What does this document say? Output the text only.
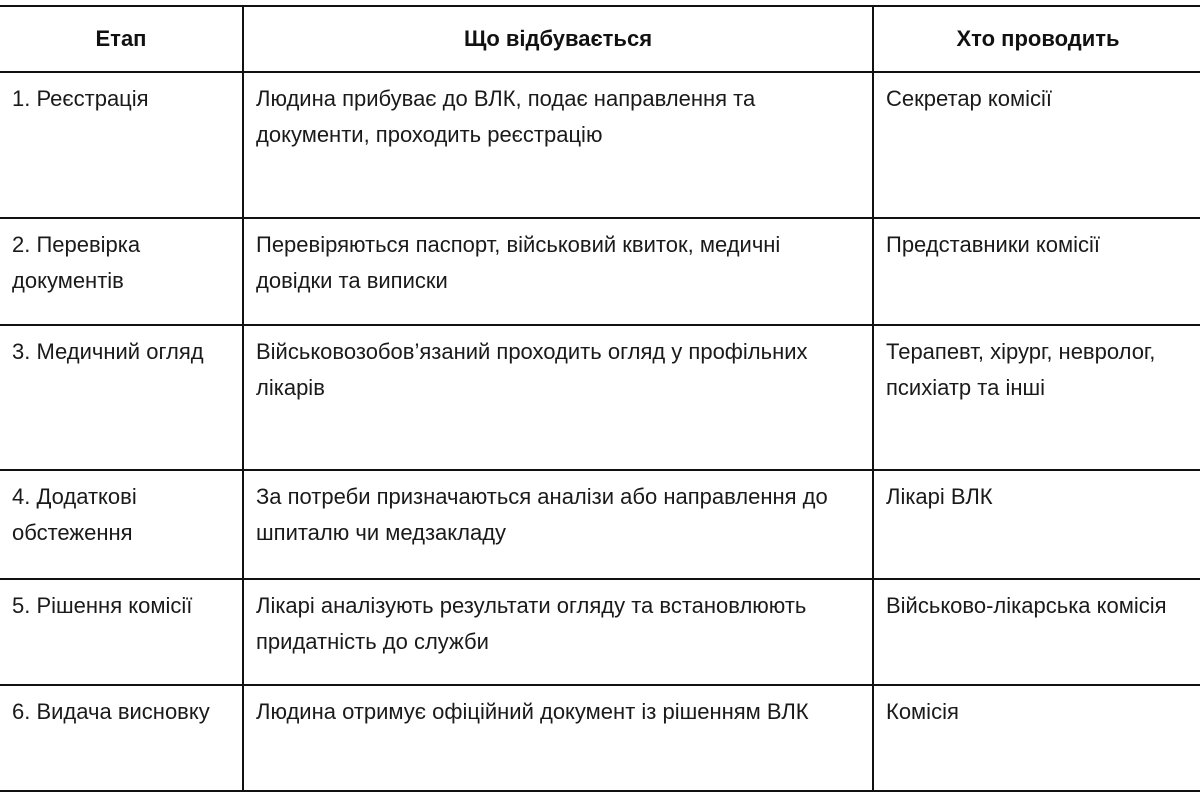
Етап	Що відбувається	Хто проводить

1. Реєстрація	Людина прибуває до ВЛК, подає направлення та документи, проходить реєстрацію	Секретар комісії

2. Перевірка документів	Перевіряються паспорт, військовий квиток, медичні довідки та виписки	Представники комісії

3. Медичний огляд	Військовозобов’язаний проходить огляд у профільних лікарів	Терапевт, хірург, невролог, психіатр та інші

4. Додаткові обстеження	За потреби призначаються аналізи або направлення до шпиталю чи медзакладу	Лікарі ВЛК

5. Рішення комісії	Лікарі аналізують результати огляду та встановлюють придатність до служби	Військово-лікарська комісія

6. Видача висновку	Людина отримує офіційний документ із рішенням ВЛК	Комісія
